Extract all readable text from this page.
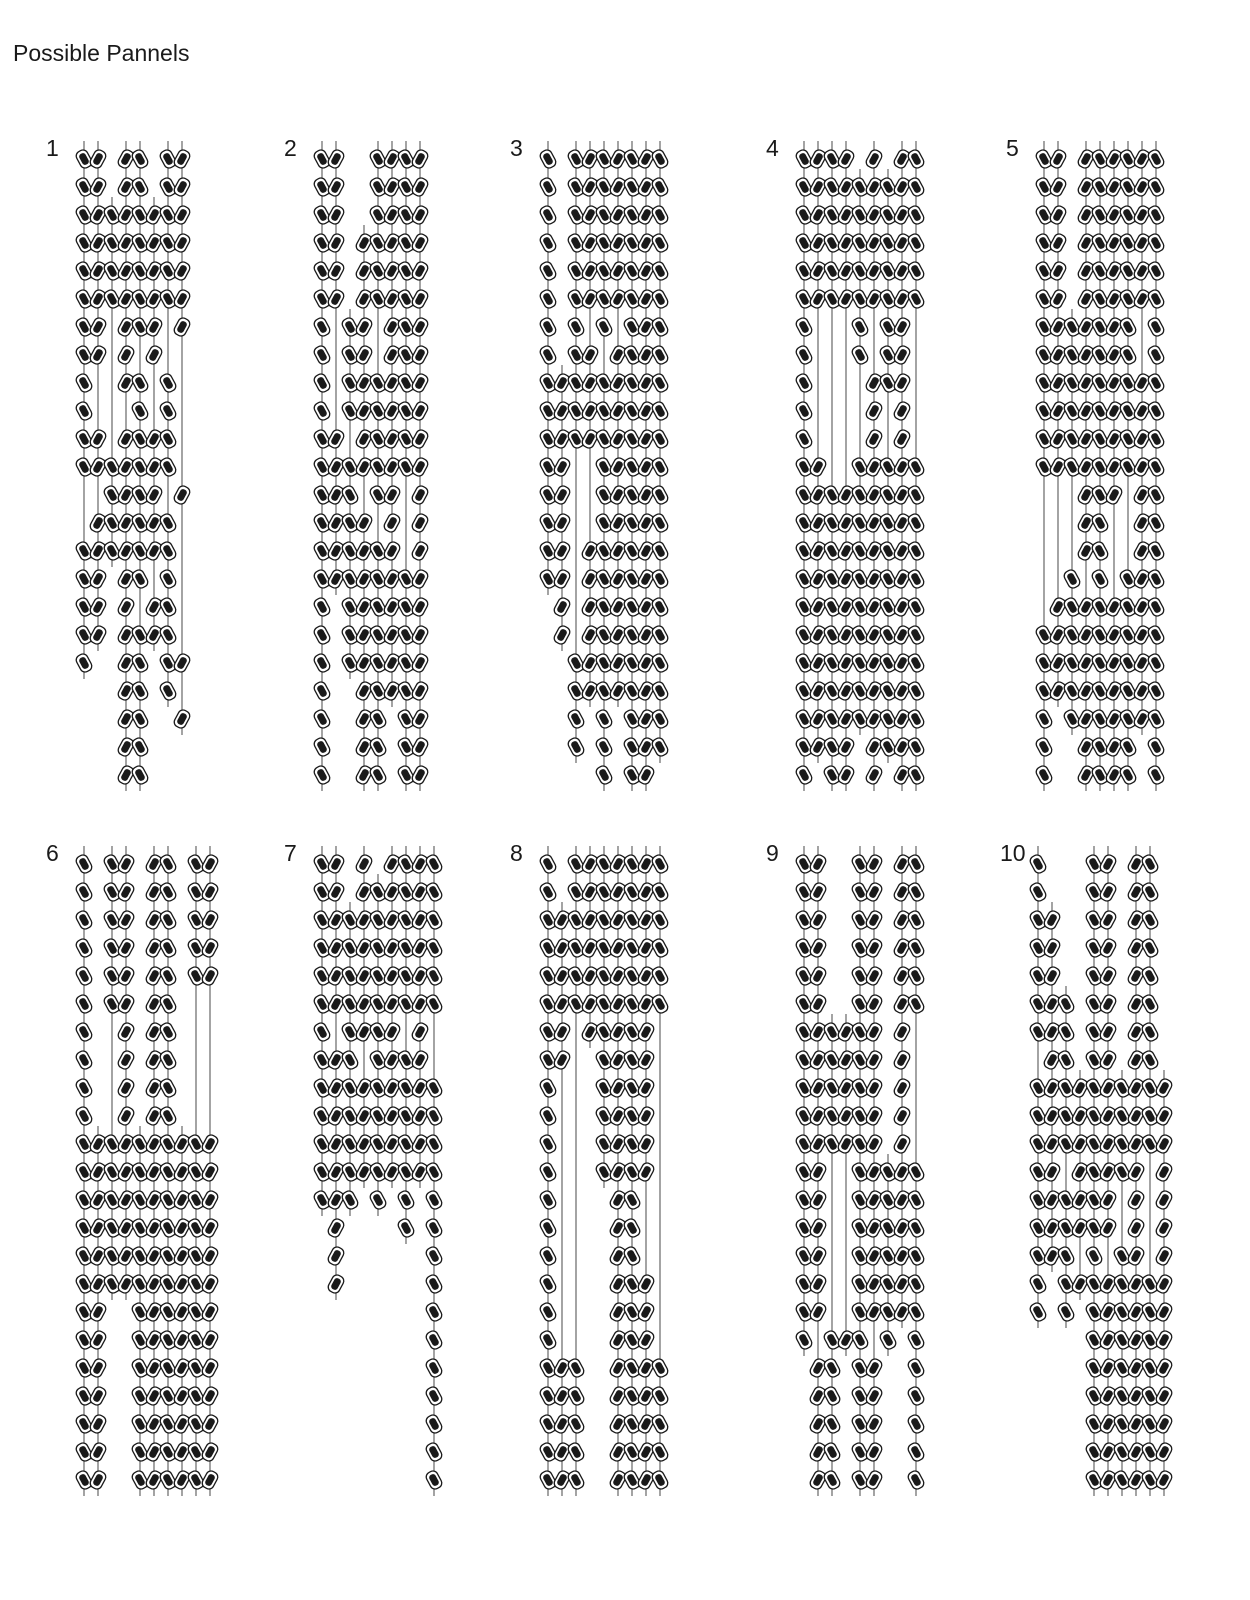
Possible Pannels
1	2	3	4	5
6	7	8	9	10
